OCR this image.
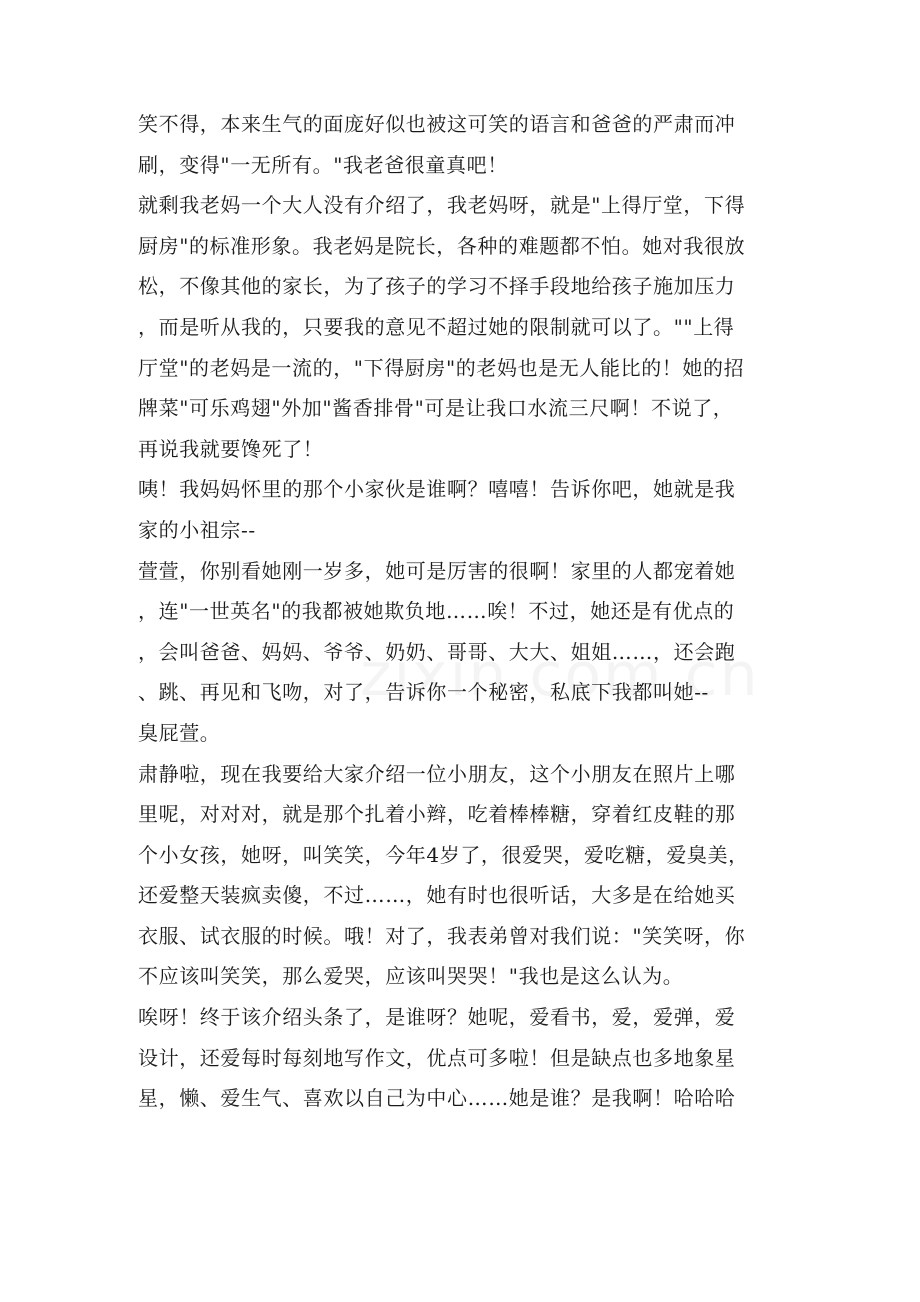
笑不得，本来生气的面庞好似也被这可笑的语言和爸爸的严肃而冲
刷，变得"一无所有。"我老爸很童真吧！
就剩我老妈一个大人没有介绍了，我老妈呀，就是"上得厅堂，下得
厨房"的标准形象。我老妈是院长，各种的难题都不怕。她对我很放
松，不像其他的家长，为了孩子的学习不择手段地给孩子施加压力
，而是听从我的，只要我的意见不超过她的限制就可以了。""上得
厅堂"的老妈是一流的，"下得厨房"的老妈也是无人能比的！她的招
牌菜"可乐鸡翅"外加"酱香排骨"可是让我口水流三尺啊！不说了，
再说我就要馋死了！
咦！我妈妈怀里的那个小家伙是谁啊？嘻嘻！告诉你吧，她就是我
家的小祖宗--
萱萱，你别看她刚一岁多，她可是厉害的很啊！家里的人都宠着她
，连"一世英名"的我都被她欺负地……唉！不过，她还是有优点的
，会叫爸爸、妈妈、爷爷、奶奶、哥哥、大大、姐姐……，还会跑
、跳、再见和飞吻，对了，告诉你一个秘密，私底下我都叫她--
臭屁萱。
肃静啦，现在我要给大家介绍一位小朋友，这个小朋友在照片上哪
里呢，对对对，就是那个扎着小辫，吃着棒棒糖，穿着红皮鞋的那
个小女孩，她呀，叫笑笑，今年4岁了，很爱哭，爱吃糖，爱臭美，
还爱整天装疯卖傻，不过……，她有时也很听话，大多是在给她买
衣服、试衣服的时候。哦！对了，我表弟曾对我们说："笑笑呀，你
不应该叫笑笑，那么爱哭，应该叫哭哭！"我也是这么认为。
唉呀！终于该介绍头条了，是谁呀？她呢，爱看书，爱，爱弹，爱
设计，还爱每时每刻地写作文，优点可多啦！但是缺点也多地象星
星，懒、爱生气、喜欢以自己为中心……她是谁？是我啊！哈哈哈
